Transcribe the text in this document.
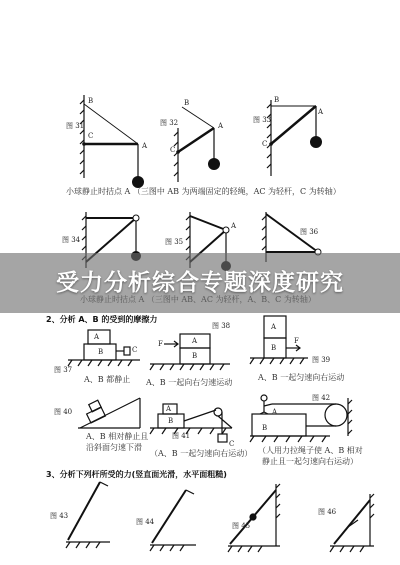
图 31
B
C
A
图 32
B
C
A
图 33
B
C
A
小球静止时拮点 A （三图中 AB 为两端固定的轻绳，AC 为轻杆，C 为转轴）
图 34	图 35
图 36
A
2、分析 A、B 的受到的摩擦力
图 38
F	A
B
A
B
F
图 39
A
B	C
图 37
A、B 都静止 A、B 一起向右匀速运动
A、B 一起匀速向右运动
图 40
A、B 相对静止且
沿斜面匀速下滑
A
B
图 41
C
（A、B 一起匀速向右运动）
图 42
A
B
（人用力拉绳子使 A、B 相对
静止且一起匀速向右运动）
3、分析下列杆所受的力(竖直面光滑，水平面粗糙)
图 43
图 44	图 45
图 46
受力分析综合专题深度研究
